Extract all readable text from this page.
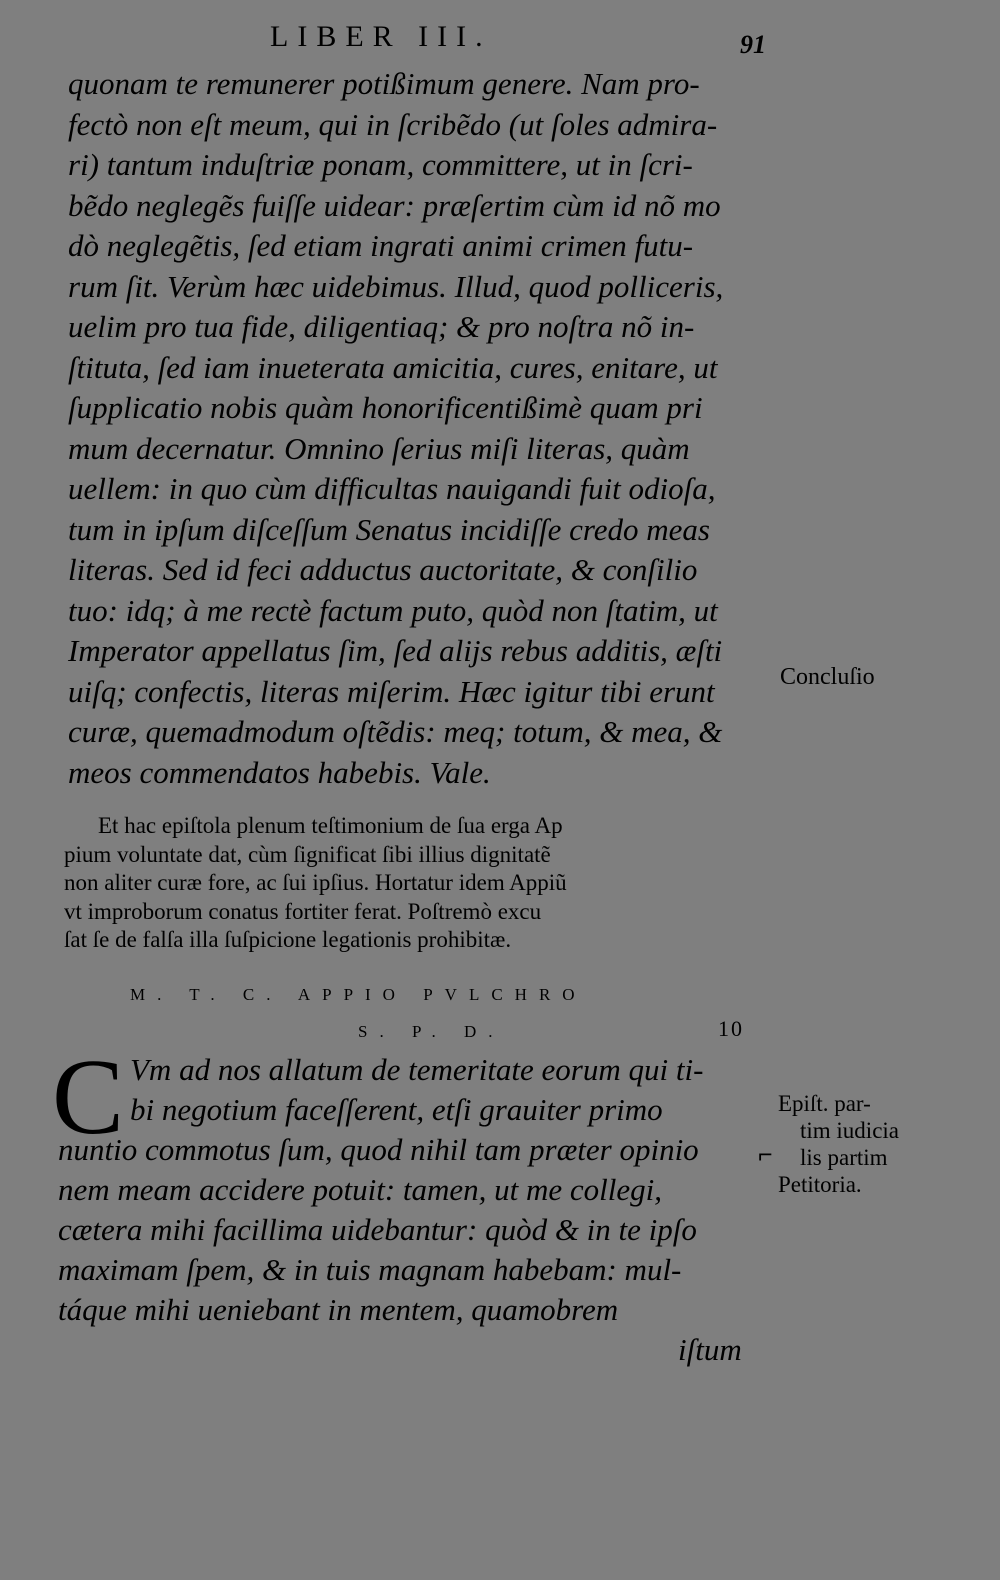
LIBER III.	91
quonam te remunerer potißimum genere. Nam pro-
fectò non eſt meum, qui in ſcribẽdo (ut ſoles admira-
ri) tantum induſtriæ ponam, committere, ut in ſcri-
bẽdo neglegẽs fuiſſe uidear: præſertim cùm id nõ mo
dò neglegẽtis, ſed etiam ingrati animi crimen futu-
rum ſit. Verùm hæc uidebimus. Illud, quod polliceris,
uelim pro tua fide, diligentiaq; & pro noſtra nõ in-
ſtituta, ſed iam inueterata amicitia, cures, enitare, ut
ſupplicatio nobis quàm honorificentißimè quam pri
mum decernatur. Omnino ſerius miſi literas, quàm
uellem: in quo cùm difficultas nauigandi fuit odioſa,
tum in ipſum diſceſſum Senatus incidiſſe credo meas
literas. Sed id feci adductus auctoritate, & conſilio
tuo: idq; à me rectè factum puto, quòd non ſtatim, ut
Imperator appellatus ſim, ſed alijs rebus additis, æſti
uiſq; confectis, literas miſerim. Hæc igitur tibi erunt
curæ, quemadmodum oſtẽdis: meq; totum, & mea, &
meos commendatos habebis. Vale.
Concluſio
Et hac epiſtola plenum teſtimonium de ſua erga Ap
pium voluntate dat, cùm ſignificat ſibi illius dignitatẽ
non aliter curæ fore, ac ſui ipſius. Hortatur idem Appiũ
vt improborum conatus fortiter ferat. Poſtremò excu
ſat ſe de falſa illa ſuſpicione legationis prohibitæ.
M. T. C. APPIO PVLCHRO
S. P. D.	10
C Vm ad nos allatum de temeritate eorum qui ti-
bi negotium faceſſerent, etſi grauiter primo
nuntio commotus ſum, quod nihil tam præter opinio
nem meam accidere potuit: tamen, ut me collegi,
cætera mihi facillima uidebantur: quòd & in te ipſo
maximam ſpem, & in tuis magnam habebam: mul-
táque mihi ueniebant in mentem, quamobrem
iſtum
⌐
Epiſt. par-
tim iudicia
lis partim
Petitoria.
